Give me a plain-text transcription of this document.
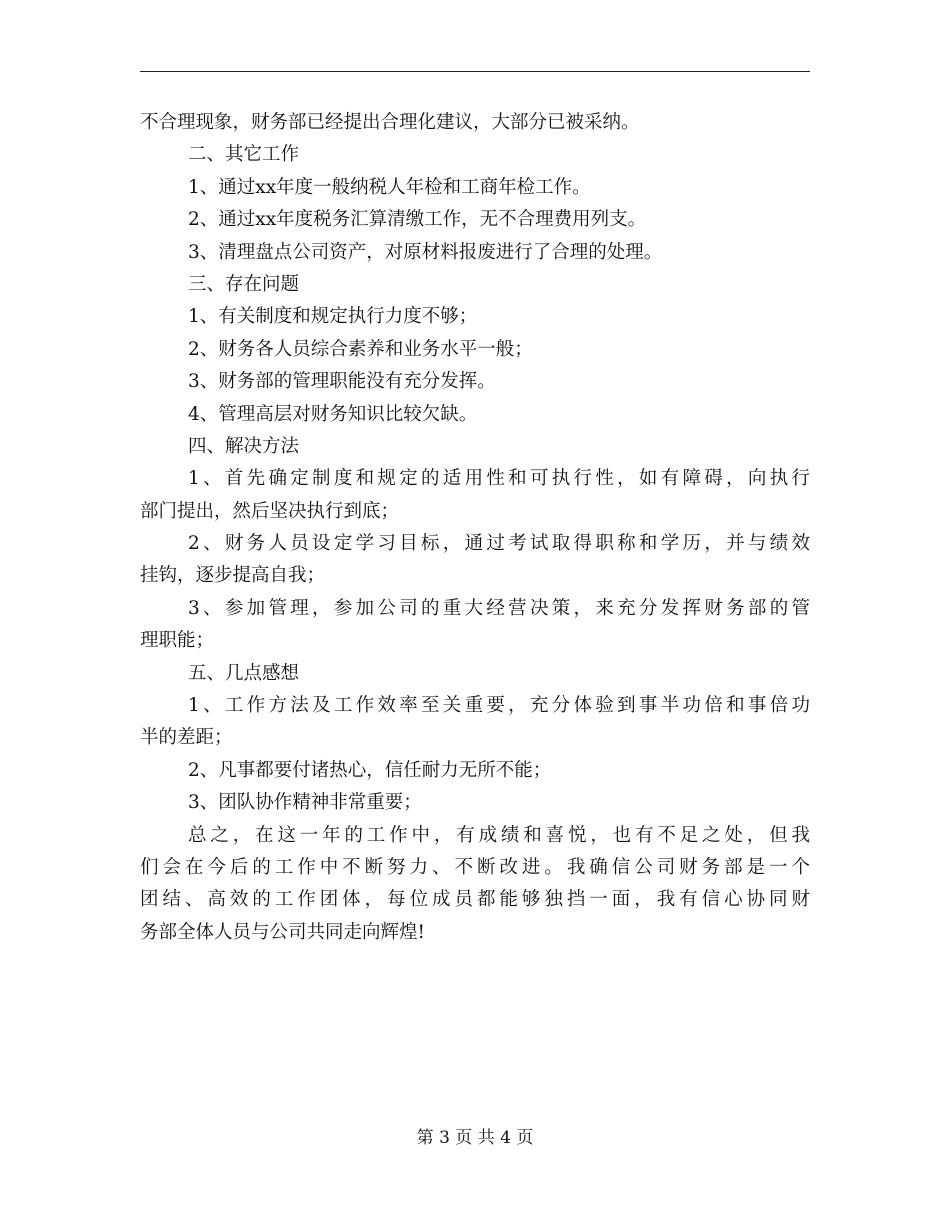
不合理现象，财务部已经提出合理化建议，大部分已被采纳。
二、其它工作
1、通过xx年度一般纳税人年检和工商年检工作。
2、通过xx年度税务汇算清缴工作，无不合理费用列支。
3、清理盘点公司资产，对原材料报废进行了合理的处理。
三、存在问题
1、有关制度和规定执行力度不够；
2、财务各人员综合素养和业务水平一般；
3、财务部的管理职能没有充分发挥。
4、管理高层对财务知识比较欠缺。
四、解决方法
1、首先确定制度和规定的适用性和可执行性，如有障碍，向执行
部门提出，然后坚决执行到底；
2、财务人员设定学习目标，通过考试取得职称和学历，并与绩效
挂钩，逐步提高自我；
3、参加管理，参加公司的重大经营决策，来充分发挥财务部的管
理职能；
五、几点感想
1、工作方法及工作效率至关重要，充分体验到事半功倍和事倍功
半的差距；
2、凡事都要付诸热心，信任耐力无所不能；
3、团队协作精神非常重要；
总之，在这一年的工作中，有成绩和喜悦，也有不足之处，但我
们会在今后的工作中不断努力、不断改进。我确信公司财务部是一个
团结、高效的工作团体，每位成员都能够独挡一面，我有信心协同财
务部全体人员与公司共同走向辉煌!
第 3 页 共 4 页
